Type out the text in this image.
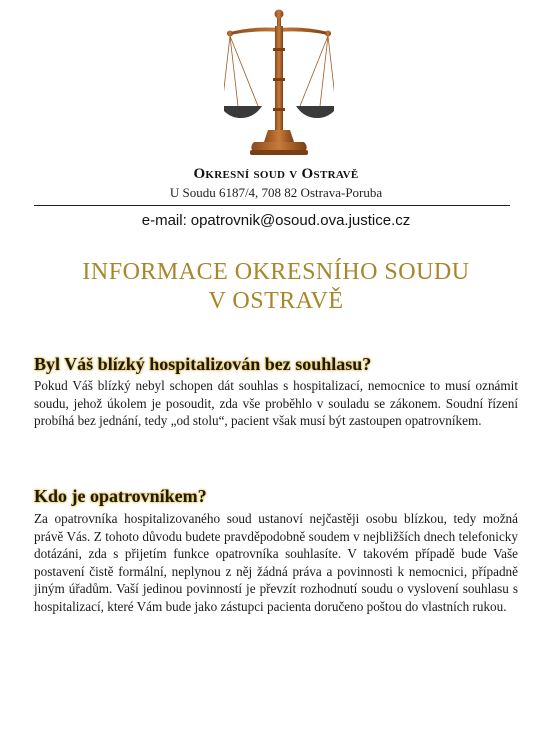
Okresní soud v Ostravě
U Soudu 6187/4, 708 82 Ostrava-Poruba
e-mail: opatrovnik@osoud.ova.justice.cz
INFORMACE OKRESNÍHO SOUDU
V OSTRAVĚ
Byl Váš blízký hospitalizován bez souhlasu?
Pokud Váš blízký nebyl schopen dát souhlas s hospitalizací, nemocnice to musí oznámit soudu, jehož úkolem je posoudit, zda vše proběhlo v souladu se zákonem. Soudní řízení probíhá bez jednání, tedy „od stolu“, pacient však musí být zastoupen opatrovníkem.
Kdo je opatrovníkem?
Za opatrovníka hospitalizovaného soud ustanoví nejčastěji osobu blízkou, tedy možná právě Vás. Z tohoto důvodu budete pravděpodobně soudem v nejbližších dnech telefonicky dotázáni, zda s přijetím funkce opatrovníka souhlasíte. V takovém případě bude Vaše postavení čistě formální, neplynou z něj žádná práva a povinnosti k nemocnici, případně jiným úřadům. Vaší jedinou povinností je převzít rozhodnutí soudu o vyslovení souhlasu s hospitalizací, které Vám bude jako zástupci pacienta doručeno poštou do vlastních rukou.
